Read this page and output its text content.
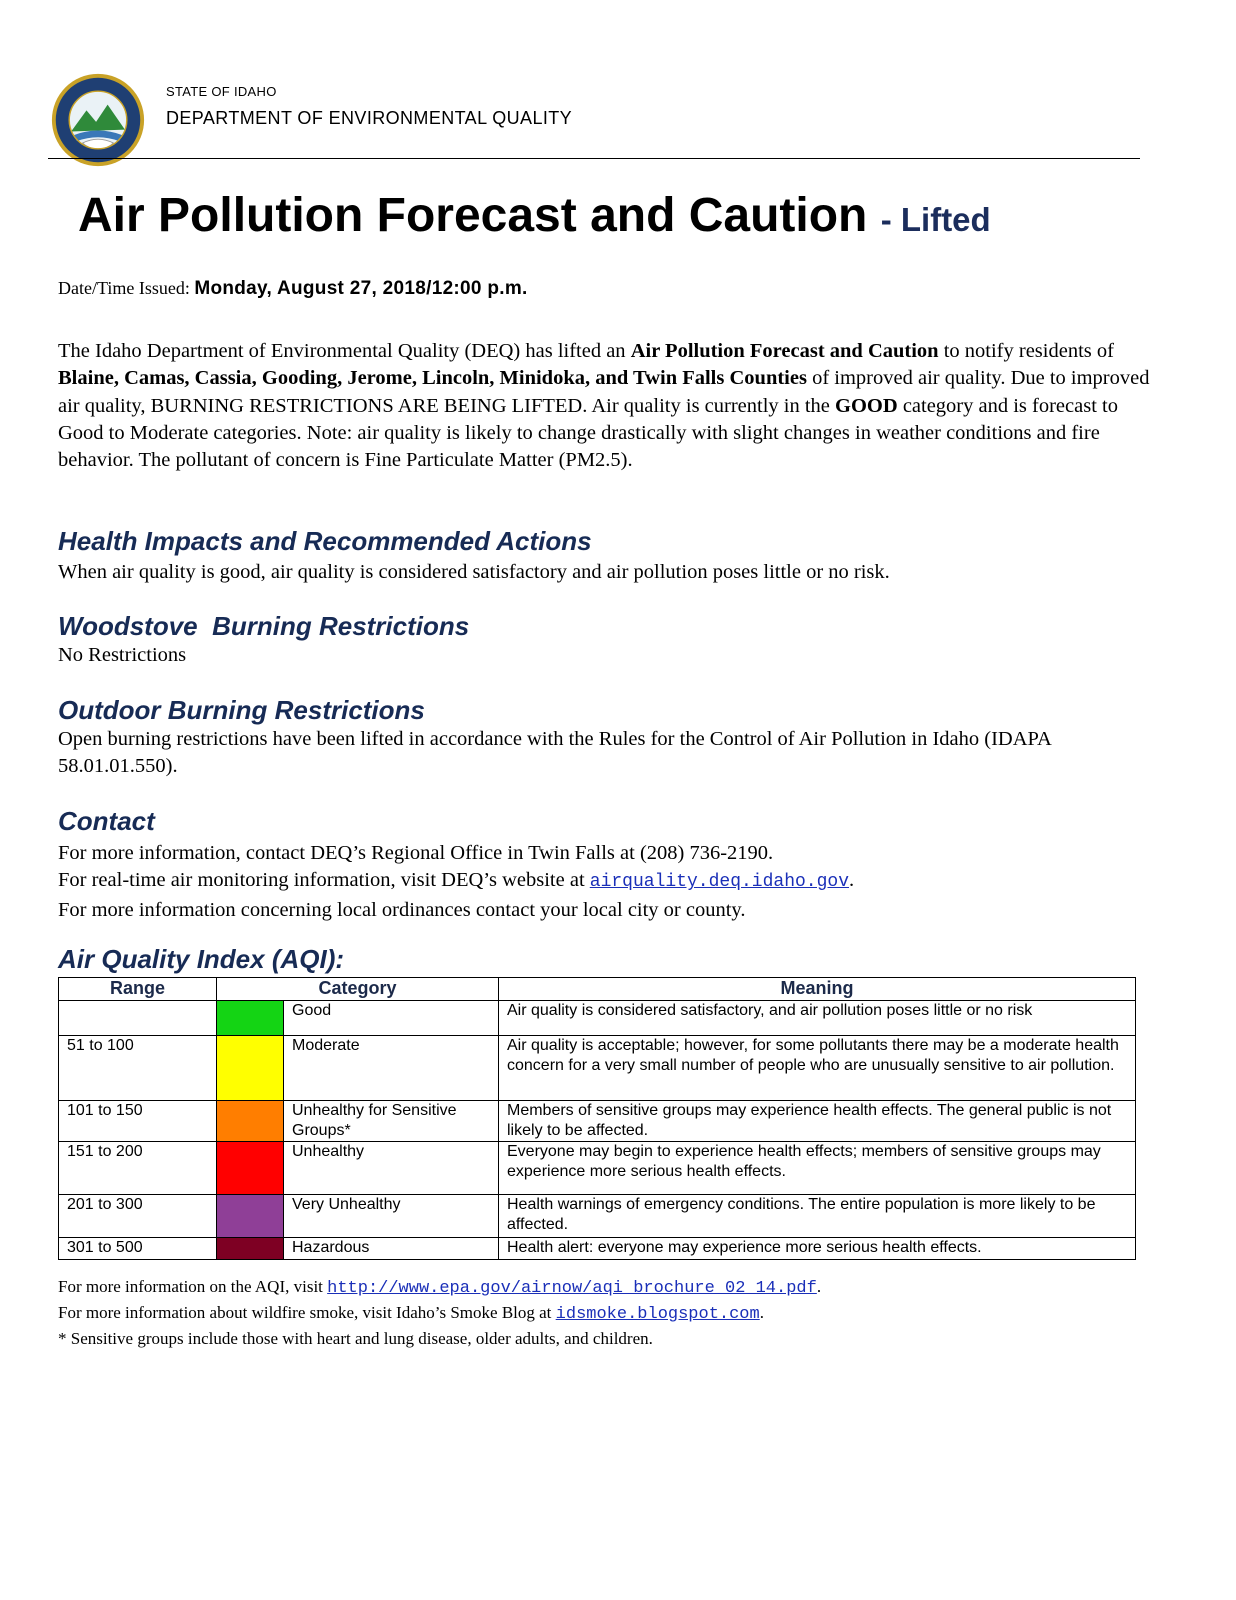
STATE OF IDAHO
DEPARTMENT OF ENVIRONMENTAL QUALITY
Air Pollution Forecast and Caution - Lifted
Date/Time Issued: Monday, August 27, 2018/12:00 p.m.
The Idaho Department of Environmental Quality (DEQ) has lifted an Air Pollution Forecast and Caution to notify residents of Blaine, Camas, Cassia, Gooding, Jerome, Lincoln, Minidoka, and Twin Falls Counties of improved air quality. Due to improved air quality, BURNING RESTRICTIONS ARE BEING LIFTED. Air quality is currently in the GOOD category and is forecast to Good to Moderate categories. Note: air quality is likely to change drastically with slight changes in weather conditions and fire behavior. The pollutant of concern is Fine Particulate Matter (PM2.5).
Health Impacts and Recommended Actions
When air quality is good, air quality is considered satisfactory and air pollution poses little or no risk.
Woodstove  Burning Restrictions
No Restrictions
Outdoor Burning Restrictions
Open burning restrictions have been lifted in accordance with the Rules for the Control of Air Pollution in Idaho (IDAPA 58.01.01.550).
Contact
For more information, contact DEQ’s Regional Office in Twin Falls at (208) 736-2190.
For real-time air monitoring information, visit DEQ’s website at airquality.deq.idaho.gov.
For more information concerning local ordinances contact your local city or county.
Air Quality Index (AQI):
Range	Category		Meaning
		Good	Air quality is considered satisfactory, and air pollution poses little or no risk
51 to 100		Moderate	Air quality is acceptable; however, for some pollutants there may be a moderate health concern for a very small number of people who are unusually sensitive to air pollution.
101 to 150		Unhealthy for Sensitive Groups*	Members of sensitive groups may experience health effects. The general public is not likely to be affected.
151 to 200		Unhealthy	Everyone may begin to experience health effects; members of sensitive groups may experience more serious health effects.
201 to 300		Very Unhealthy	Health warnings of emergency conditions. The entire population is more likely to be affected.
301 to 500		Hazardous	Health alert: everyone may experience more serious health effects.
For more information on the AQI, visit http://www.epa.gov/airnow/aqi_brochure_02_14.pdf.
For more information about wildfire smoke, visit Idaho’s Smoke Blog at idsmoke.blogspot.com.
* Sensitive groups include those with heart and lung disease, older adults, and children.
